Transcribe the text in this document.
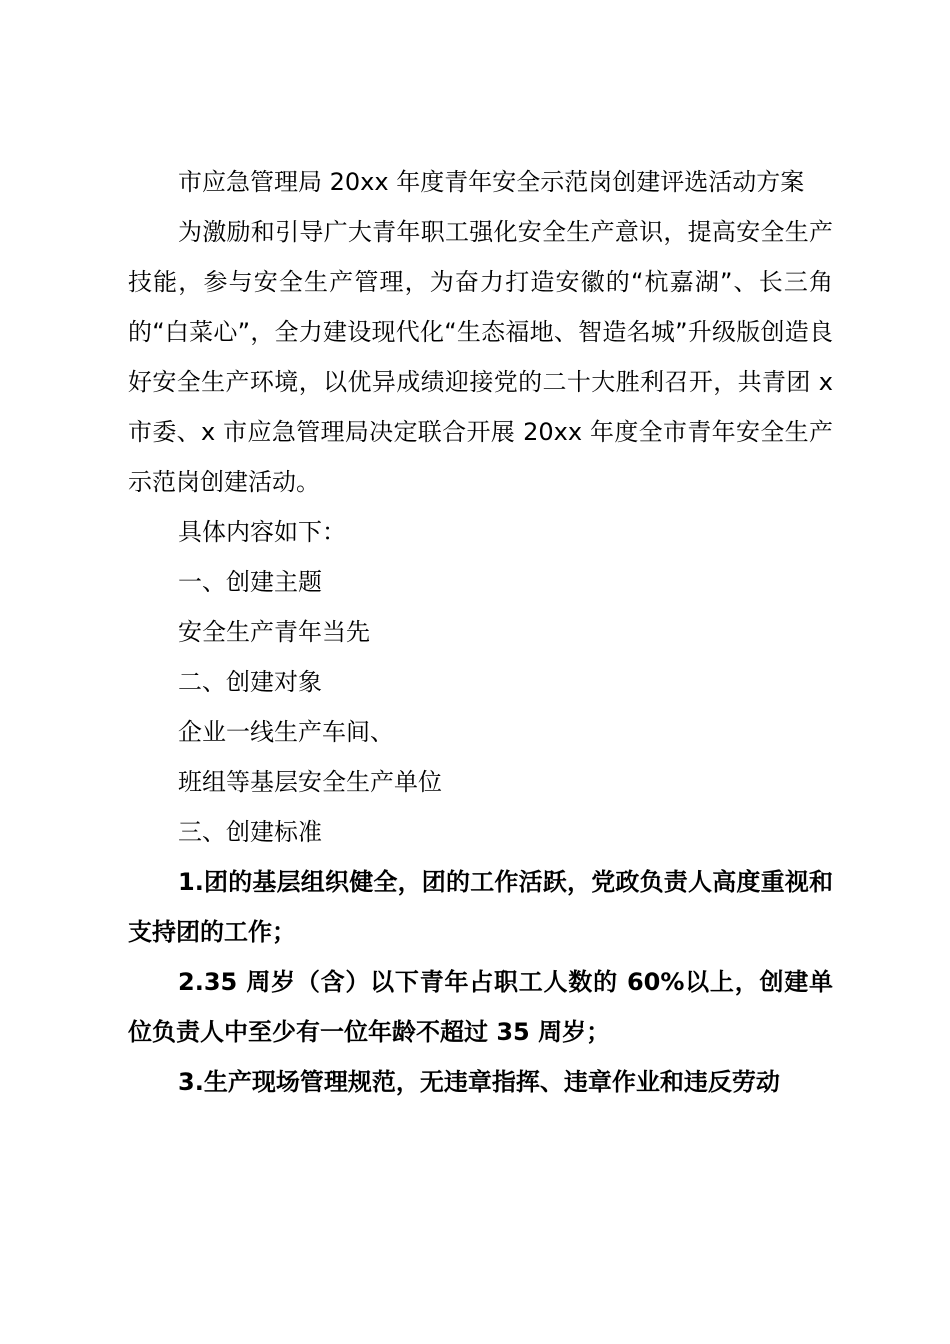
市应急管理局 20xx 年度青年安全示范岗创建评选活动方案

为激励和引导广大青年职工强化安全生产意识，提高安全生产技能，参与安全生产管理，为奋力打造安徽的“杭嘉湖”、长三角的“白菜心”，全力建设现代化“生态福地、智造名城”升级版创造良好安全生产环境，以优异成绩迎接党的二十大胜利召开，共青团 x 市委、x 市应急管理局决定联合开展 20xx 年度全市青年安全生产示范岗创建活动。

具体内容如下：

一、创建主题

安全生产青年当先

二、创建对象

企业一线生产车间、

班组等基层安全生产单位

三、创建标准

1.团的基层组织健全，团的工作活跃，党政负责人高度重视和支持团的工作；

2.35 周岁（含）以下青年占职工人数的 60%以上，创建单位负责人中至少有一位年龄不超过 35 周岁；

3.生产现场管理规范，无违章指挥、违章作业和违反劳动
